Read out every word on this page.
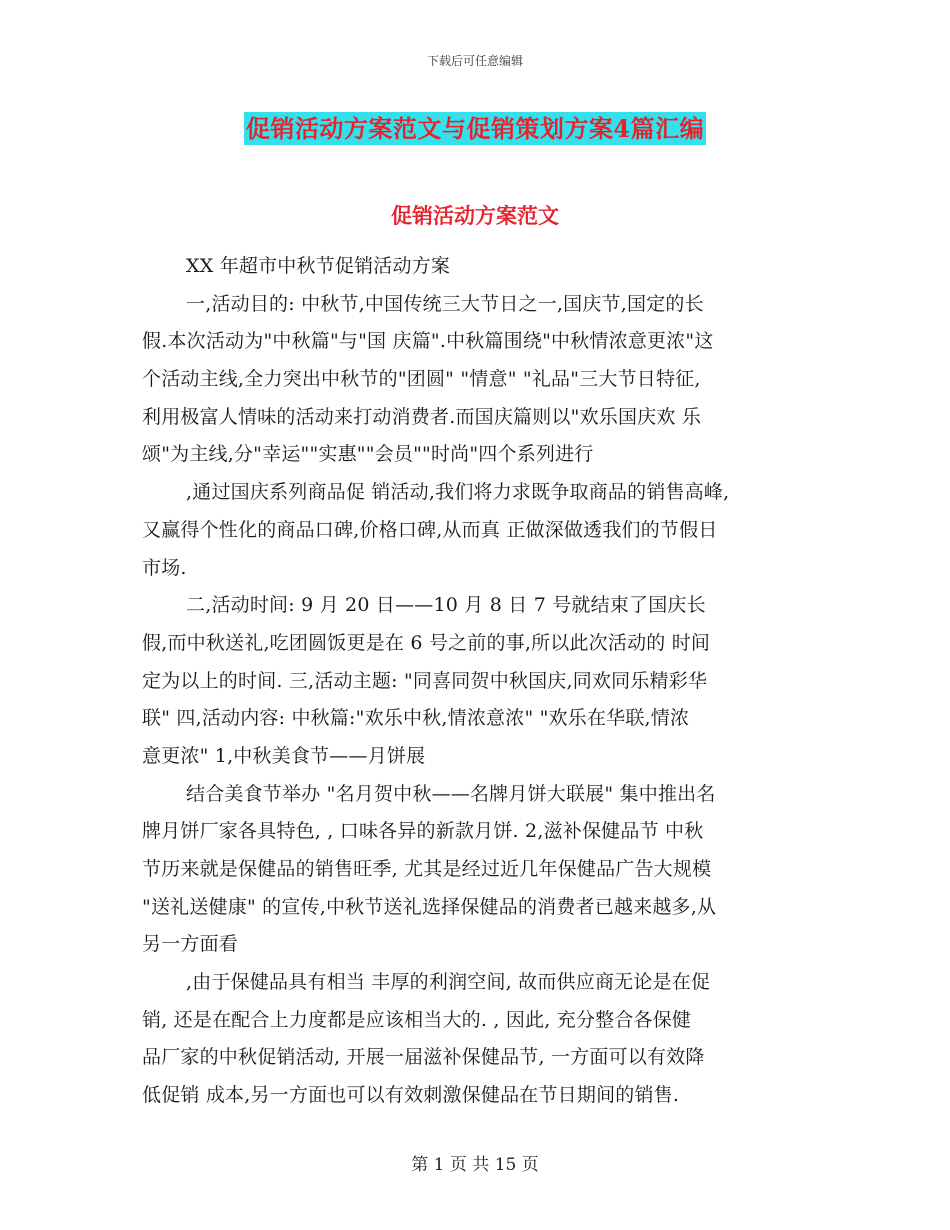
下载后可任意编辑
促销活动方案范文与促销策划方案4篇汇编
促销活动方案范文
XX 年超市中秋节促销活动方案
一,活动目的: 中秋节,中国传统三大节日之一,国庆节,国定的长
假.本次活动为"中秋篇"与"国 庆篇".中秋篇围绕"中秋情浓意更浓"这
个活动主线,全力突出中秋节的"团圆" "情意" "礼品"三大节日特征,
利用极富人情味的活动来打动消费者.而国庆篇则以"欢乐国庆欢 乐
颂"为主线,分"幸运""实惠""会员""时尚"四个系列进行
,通过国庆系列商品促 销活动,我们将力求既争取商品的销售高峰,
又赢得个性化的商品口碑,价格口碑,从而真 正做深做透我们的节假日
市场.
二,活动时间: 9 月 20 日——10 月 8 日 7 号就结束了国庆长
假,而中秋送礼,吃团圆饭更是在 6 号之前的事,所以此次活动的 时间
定为以上的时间. 三,活动主题: "同喜同贺中秋国庆,同欢同乐精彩华
联" 四,活动内容: 中秋篇:"欢乐中秋,情浓意浓" "欢乐在华联,情浓
意更浓" 1,中秋美食节——月饼展
结合美食节举办 "名月贺中秋——名牌月饼大联展" 集中推出名
牌月饼厂家各具特色, , 口味各异的新款月饼. 2,滋补保健品节 中秋
节历来就是保健品的销售旺季, 尤其是经过近几年保健品广告大规模
"送礼送健康" 的宣传,中秋节送礼选择保健品的消费者已越来越多,从
另一方面看
,由于保健品具有相当 丰厚的利润空间, 故而供应商无论是在促
销, 还是在配合上力度都是应该相当大的. , 因此, 充分整合各保健
品厂家的中秋促销活动, 开展一届滋补保健品节, 一方面可以有效降
低促销 成本,另一方面也可以有效刺激保健品在节日期间的销售.
第 1 页 共 15 页
